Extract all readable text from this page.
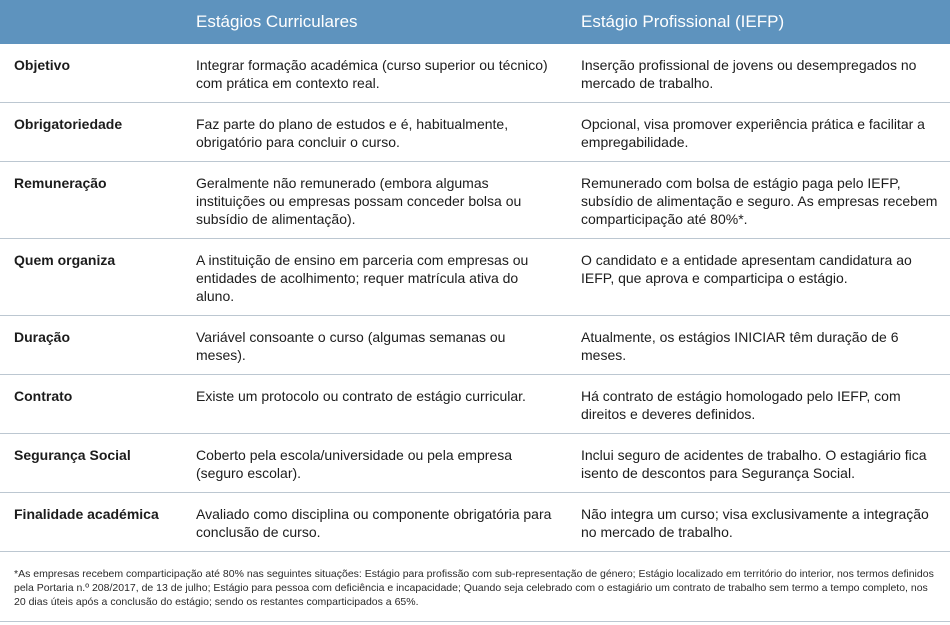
	Estágios Curriculares	Estágio Profissional (IEFP)
Objetivo	Integrar formação académica (curso superior ou técnico) com prática em contexto real.	Inserção profissional de jovens ou desempregados no mercado de trabalho.
Obrigatoriedade	Faz parte do plano de estudos e é, habitualmente, obrigatório para concluir o curso.	Opcional, visa promover experiência prática e facilitar a empregabilidade.
Remuneração	Geralmente não remunerado (embora algumas instituições ou empresas possam conceder bolsa ou subsídio de alimentação).	Remunerado com bolsa de estágio paga pelo IEFP, subsídio de alimentação e seguro. As empresas recebem comparticipação até 80%*.
Quem organiza	A instituição de ensino em parceria com empresas ou entidades de acolhimento; requer matrícula ativa do aluno.	O candidato e a entidade apresentam candidatura ao IEFP, que aprova e comparticipa o estágio.
Duração	Variável consoante o curso (algumas semanas ou meses).	Atualmente, os estágios INICIAR têm duração de 6 meses.
Contrato	Existe um protocolo ou contrato de estágio curricular.	Há contrato de estágio homologado pelo IEFP, com direitos e deveres definidos.
Segurança Social	Coberto pela escola/universidade ou pela empresa (seguro escolar).	Inclui seguro de acidentes de trabalho. O estagiário fica isento de descontos para Segurança Social.
Finalidade académica	Avaliado como disciplina ou componente obrigatória para conclusão de curso.	Não integra um curso; visa exclusivamente a integração no mercado de trabalho.
*As empresas recebem comparticipação até 80% nas seguintes situações: Estágio para profissão com sub-representação de género; Estágio localizado em território do interior, nos termos definidos pela Portaria n.º 208/2017, de 13 de julho; Estágio para pessoa com deficiência e incapacidade; Quando seja celebrado com o estagiário um contrato de trabalho sem termo a tempo completo, nos 20 dias úteis após a conclusão do estágio; sendo os restantes comparticipados a 65%.
